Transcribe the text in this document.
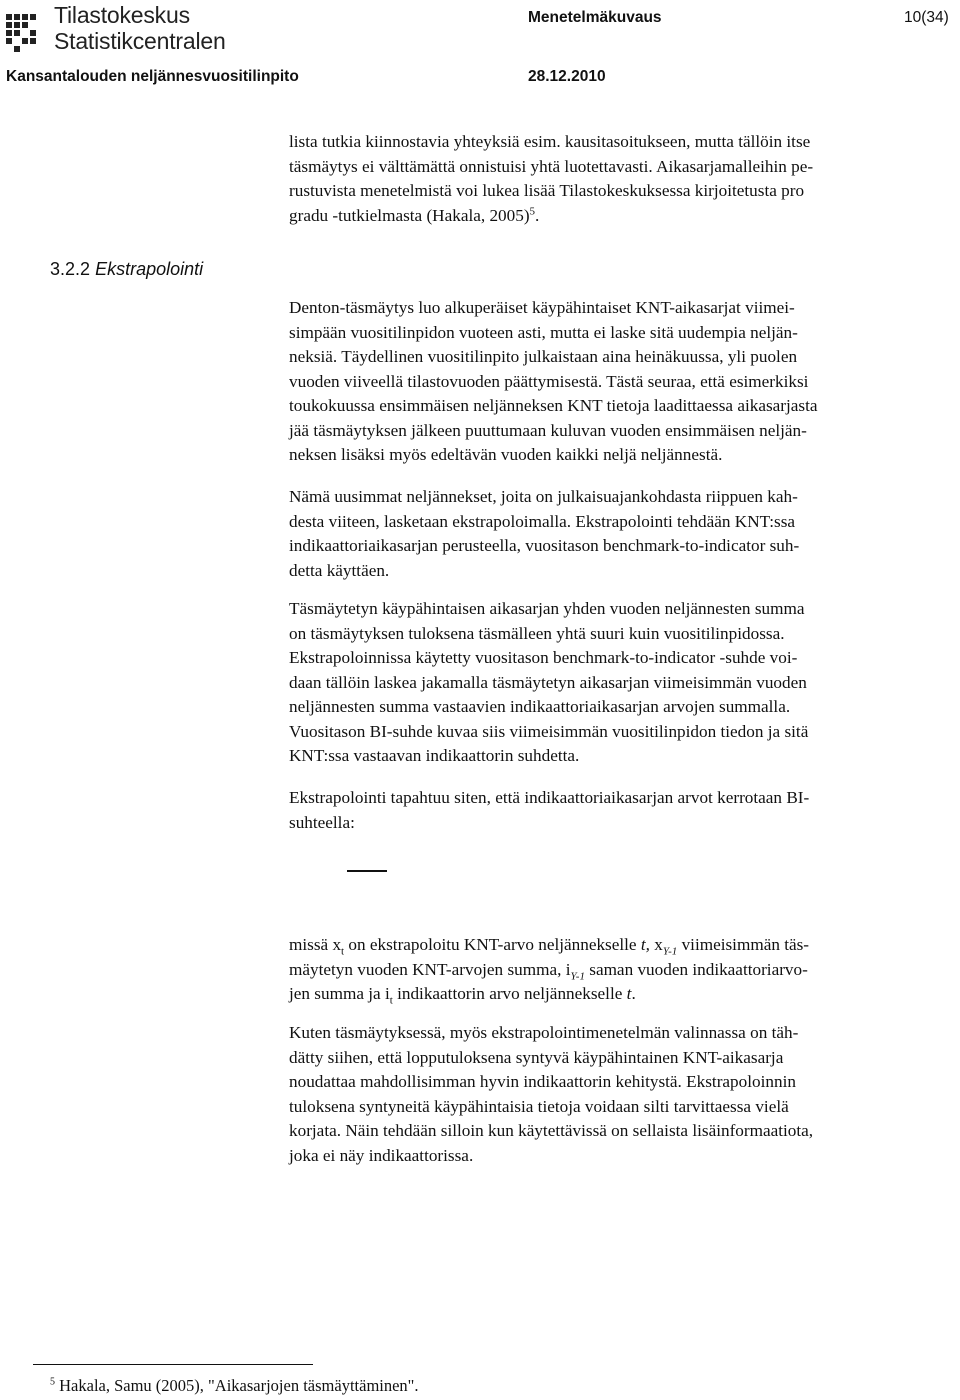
Tilastokeskus
Statistikcentralen
Menetelmäkuvaus	10(34)
Kansantalouden neljännesvuositilinpito	28.12.2010

lista tutkia kiinnostavia yhteyksiä esim. kausitasoitukseen, mutta tällöin itse
täsmäytys ei välttämättä onnistuisi yhtä luotettavasti. Aikasarjamalleihin pe-
rustuvista menetelmistä voi lukea lisää Tilastokeskuksessa kirjoitetusta pro
gradu -tutkielmasta (Hakala, 2005)$^5$.

3.2.2 Ekstrapolointi

Denton-täsmäytys luo alkuperäiset käypähintaiset KNT-aikasarjat viimei-
simpään vuositilinpidon vuoteen asti, mutta ei laske sitä uudempia neljän-
neksiä. Täydellinen vuositilinpito julkaistaan aina heinäkuussa, yli puolen
vuoden viiveellä tilastovuoden päättymisestä. Tästä seuraa, että esimerkiksi
toukokuussa ensimmäisen neljänneksen KNT tietoja laadittaessa aikasarjasta
jää täsmäytyksen jälkeen puuttumaan kuluvan vuoden ensimmäisen neljän-
neksen lisäksi myös edeltävän vuoden kaikki neljä neljännestä.

Nämä uusimmat neljännekset, joita on julkaisuajankohdasta riippuen kah-
desta viiteen, lasketaan ekstrapoloimalla. Ekstrapolointi tehdään KNT:ssa
indikaattoriaikasarjan perusteella, vuositason benchmark-to-indicator suh-
detta käyttäen.

Täsmäytetyn käypähintaisen aikasarjan yhden vuoden neljännesten summa
on täsmäytyksen tuloksena täsmälleen yhtä suuri kuin vuositilinpidossa.
Ekstrapoloinnissa käytetty vuositason benchmark-to-indicator -suhde voi-
daan tällöin laskea jakamalla täsmäytetyn aikasarjan viimeisimmän vuoden
neljännesten summa vastaavien indikaattoriaikasarjan arvojen summalla.
Vuositason BI-suhde kuvaa siis viimeisimmän vuositilinpidon tiedon ja sitä
KNT:ssa vastaavan indikaattorin suhdetta.

Ekstrapolointi tapahtuu siten, että indikaattoriaikasarjan arvot kerrotaan BI-
suhteella:

missä $x_t$ on ekstrapoloitu KNT-arvo neljännekselle t, $x_{Y-1}$ viimeisimmän täs-
mäytetyn vuoden KNT-arvojen summa, $i_{Y-1}$ saman vuoden indikaattoriarvo-
jen summa ja $i_t$ indikaattorin arvo neljännekselle t.

Kuten täsmäytyksessä, myös ekstrapolointimenetelmän valinnassa on täh-
dätty siihen, että lopputuloksena syntyvä käypähintainen KNT-aikasarja
noudattaa mahdollisimman hyvin indikaattorin kehitystä. Ekstrapoloinnin
tuloksena syntyneitä käypähintaisia tietoja voidaan silti tarvittaessa vielä
korjata. Näin tehdään silloin kun käytettävissä on sellaista lisäinformaatiota,
joka ei näy indikaattorissa.

$^5$ Hakala, Samu (2005), "Aikasarjojen täsmäyttäminen".
